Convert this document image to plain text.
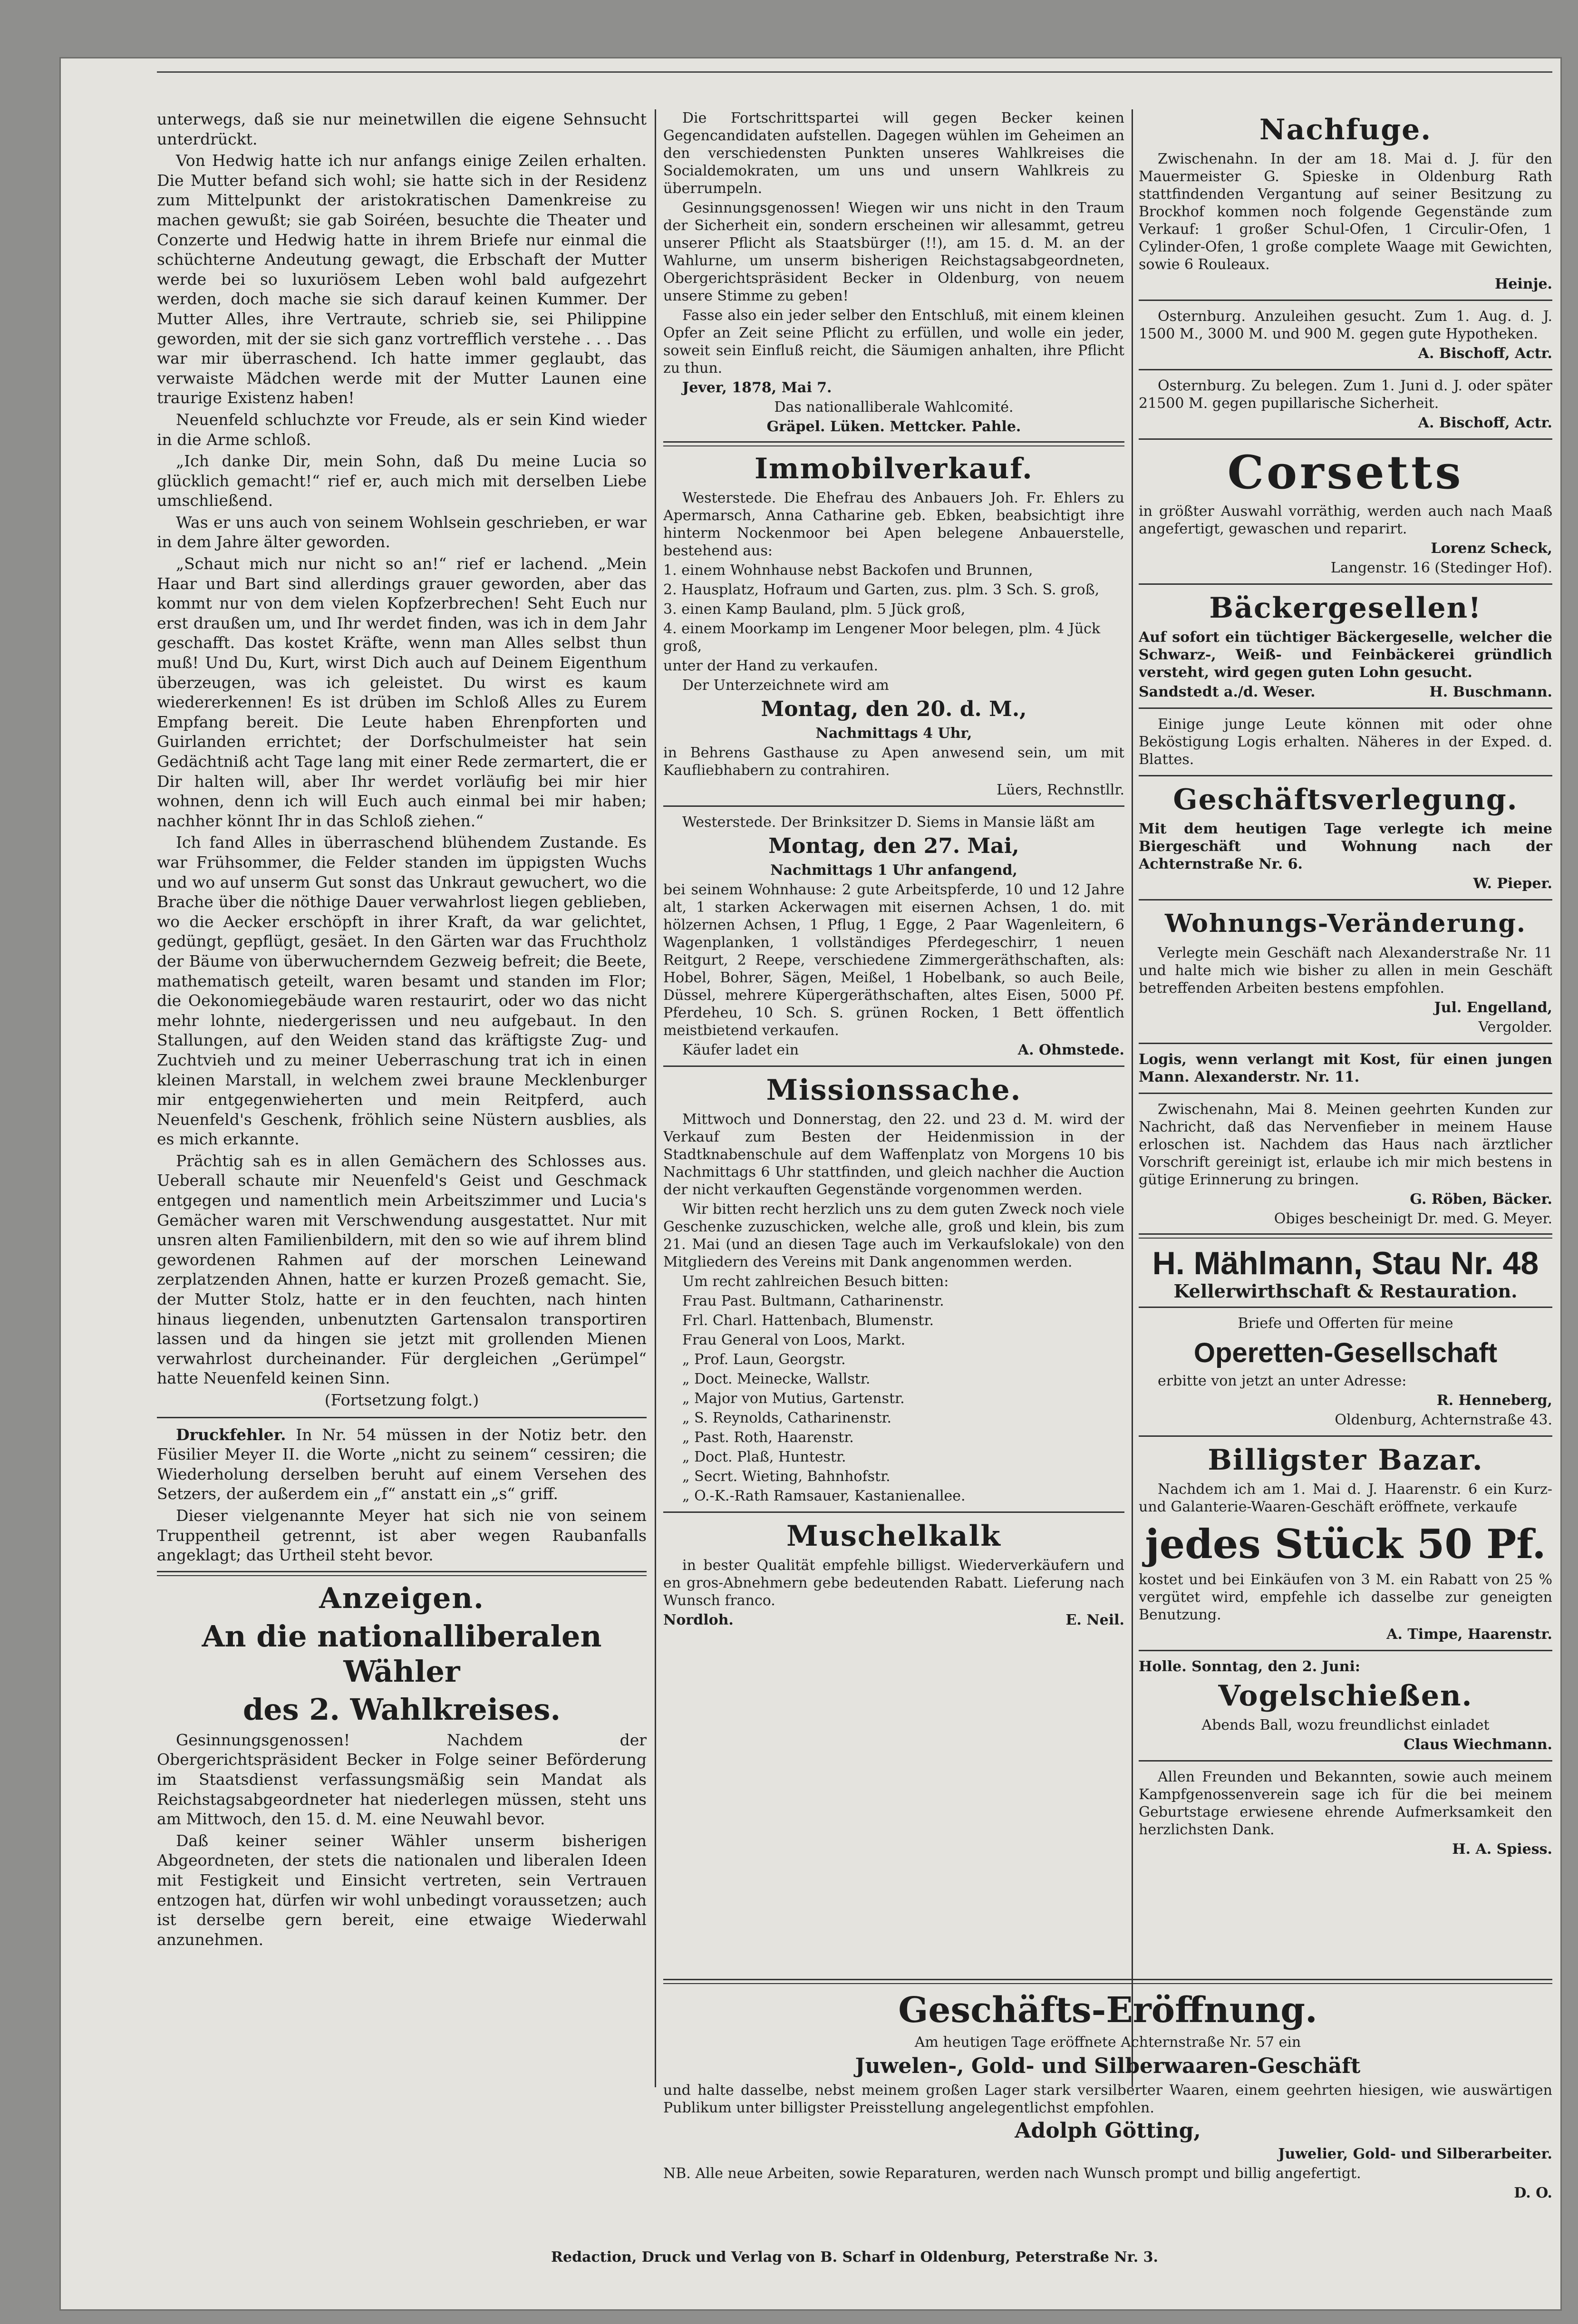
unterwegs, daß sie nur meinetwillen die eigene Sehnsucht unterdrückt.

Von Hedwig hatte ich nur anfangs einige Zeilen erhalten. Die Mutter befand sich wohl; sie hatte sich in der Residenz zum Mittelpunkt der aristokratischen Damenkreise zu machen gewußt; sie gab Soiréen, besuchte die Theater und Conzerte und Hedwig hatte in ihrem Briefe nur einmal die schüchterne Andeutung gewagt, die Erbschaft der Mutter werde bei so luxuriösem Leben wohl bald aufgezehrt werden, doch mache sie sich darauf keinen Kummer. Der Mutter Alles, ihre Vertraute, schrieb sie, sei Philippine geworden, mit der sie sich ganz vortrefflich verstehe . . . Das war mir überraschend. Ich hatte immer geglaubt, das verwaiste Mädchen werde mit der Mutter Launen eine traurige Existenz haben!

Neuenfeld schluchzte vor Freude, als er sein Kind wieder in die Arme schloß.

„Ich danke Dir, mein Sohn, daß Du meine Lucia so glücklich gemacht!“ rief er, auch mich mit derselben Liebe umschließend.

Was er uns auch von seinem Wohlsein geschrieben, er war in dem Jahre älter geworden.

„Schaut mich nur nicht so an!“ rief er lachend. „Mein Haar und Bart sind allerdings grauer geworden, aber das kommt nur von dem vielen Kopfzerbrechen! Seht Euch nur erst draußen um, und Ihr werdet finden, was ich in dem Jahr geschafft. Das kostet Kräfte, wenn man Alles selbst thun muß! Und Du, Kurt, wirst Dich auch auf Deinem Eigenthum überzeugen, was ich geleistet. Du wirst es kaum wiedererkennen! Es ist drüben im Schloß Alles zu Eurem Empfang bereit. Die Leute haben Ehrenpforten und Guirlanden errichtet; der Dorfschulmeister hat sein Gedächtniß acht Tage lang mit einer Rede zermartert, die er Dir halten will, aber Ihr werdet vorläufig bei mir hier wohnen, denn ich will Euch auch einmal bei mir haben; nachher könnt Ihr in das Schloß ziehen.“

Ich fand Alles in überraschend blühendem Zustande. Es war Frühsommer, die Felder standen im üppigsten Wuchs und wo auf unserm Gut sonst das Unkraut gewuchert, wo die Brache über die nöthige Dauer verwahrlost liegen geblieben, wo die Aecker erschöpft in ihrer Kraft, da war gelichtet, gedüngt, gepflügt, gesäet. In den Gärten war das Fruchtholz der Bäume von überwucherndem Gezweig befreit; die Beete, mathematisch geteilt, waren besamt und standen im Flor; die Oekonomiegebäude waren restaurirt, oder wo das nicht mehr lohnte, niedergerissen und neu aufgebaut. In den Stallungen, auf den Weiden stand das kräftigste Zug- und Zuchtvieh und zu meiner Ueberraschung trat ich in einen kleinen Marstall, in welchem zwei braune Mecklenburger mir entgegenwieherten und mein Reitpferd, auch Neuenfeld's Geschenk, fröhlich seine Nüstern ausblies, als es mich erkannte.

Prächtig sah es in allen Gemächern des Schlosses aus. Ueberall schaute mir Neuenfeld's Geist und Geschmack entgegen und namentlich mein Arbeitszimmer und Lucia's Gemächer waren mit Verschwendung ausgestattet. Nur mit unsren alten Familienbildern, mit den so wie auf ihrem blind gewordenen Rahmen auf der morschen Leinewand zerplatzenden Ahnen, hatte er kurzen Prozeß gemacht. Sie, der Mutter Stolz, hatte er in den feuchten, nach hinten hinaus liegenden, unbenutzten Gartensalon transportiren lassen und da hingen sie jetzt mit grollenden Mienen verwahrlost durcheinander. Für dergleichen „Gerümpel“ hatte Neuenfeld keinen Sinn.

(Fortsetzung folgt.)

Druckfehler. In Nr. 54 müssen in der Notiz betr. den Füsilier Meyer II. die Worte „nicht zu seinem“ cessiren; die Wiederholung derselben beruht auf einem Versehen des Setzers, der außerdem ein „f“ anstatt ein „s“ griff.

Dieser vielgenannte Meyer hat sich nie von seinem Truppentheil getrennt, ist aber wegen Raubanfalls angeklagt; das Urtheil steht bevor.

Anzeigen.
An die nationalliberalen Wähler
des 2. Wahlkreises.

Gesinnungsgenossen! Nachdem der Obergerichtspräsident Becker in Folge seiner Beförderung im Staatsdienst verfassungsmäßig sein Mandat als Reichstagsabgeordneter hat niederlegen müssen, steht uns am Mittwoch, den 15. d. M. eine Neuwahl bevor.

Daß keiner seiner Wähler unserm bisherigen Abgeordneten, der stets die nationalen und liberalen Ideen mit Festigkeit und Einsicht vertreten, sein Vertrauen entzogen hat, dürfen wir wohl unbedingt voraussetzen; auch ist derselbe gern bereit, eine etwaige Wiederwahl anzunehmen.

Die Fortschrittspartei will gegen Becker keinen Gegencandidaten aufstellen. Dagegen wühlen im Geheimen an den verschiedensten Punkten unseres Wahlkreises die Socialdemokraten, um uns und unsern Wahlkreis zu überrumpeln.

Gesinnungsgenossen! Wiegen wir uns nicht in den Traum der Sicherheit ein, sondern erscheinen wir allesammt, getreu unserer Pflicht als Staatsbürger (!!), am 15. d. M. an der Wahlurne, um unserm bisherigen Reichstagsabgeordneten, Obergerichtspräsident Becker in Oldenburg, von neuem unsere Stimme zu geben!

Fasse also ein jeder selber den Entschluß, mit einem kleinen Opfer an Zeit seine Pflicht zu erfüllen, und wolle ein jeder, soweit sein Einfluß reicht, die Säumigen anhalten, ihre Pflicht zu thun.

Jever, 1878, Mai 7.

Das nationalliberale Wahlcomité.

Gräpel. Lüken. Mettcker. Pahle.

Immobilverkauf.

Westerstede. Die Ehefrau des Anbauers Joh. Fr. Ehlers zu Apermarsch, Anna Catharine geb. Ebken, beabsichtigt ihre hinterm Nockenmoor bei Apen belegene Anbauerstelle, bestehend aus:

1. einem Wohnhause nebst Backofen und Brunnen,

2. Hausplatz, Hofraum und Garten, zus. plm. 3 Sch. S. groß,

3. einen Kamp Bauland, plm. 5 Jück groß,

4. einem Moorkamp im Lengener Moor belegen, plm. 4 Jück groß,

unter der Hand zu verkaufen.

Der Unterzeichnete wird am

Montag, den 20. d. M.,

Nachmittags 4 Uhr,

in Behrens Gasthause zu Apen anwesend sein, um mit Kaufliebhabern zu contrahiren.

Lüers, Rechnstllr.

Westerstede. Der Brinksitzer D. Siems in Mansie läßt am

Montag, den 27. Mai,

Nachmittags 1 Uhr anfangend,

bei seinem Wohnhause: 2 gute Arbeitspferde, 10 und 12 Jahre alt, 1 starken Ackerwagen mit eisernen Achsen, 1 do. mit hölzernen Achsen, 1 Pflug, 1 Egge, 2 Paar Wagenleitern, 6 Wagenplanken, 1 vollständiges Pferdegeschirr, 1 neuen Reitgurt, 2 Reepe, verschiedene Zimmergeräthschaften, als: Hobel, Bohrer, Sägen, Meißel, 1 Hobelbank, so auch Beile, Düssel, mehrere Küpergeräthschaften, altes Eisen, 5000 Pf. Pferdeheu, 10 Sch. S. grünen Rocken, 1 Bett öffentlich meistbietend verkaufen.

Käufer ladet ein	A. Ohmstede.

Missionssache.

Mittwoch und Donnerstag, den 22. und 23 d. M. wird der Verkauf zum Besten der Heidenmission in der Stadtknabenschule auf dem Waffenplatz von Morgens 10 bis Nachmittags 6 Uhr stattfinden, und gleich nachher die Auction der nicht verkauften Gegenstände vorgenommen werden.

Wir bitten recht herzlich uns zu dem guten Zweck noch viele Geschenke zuzuschicken, welche alle, groß und klein, bis zum 21. Mai (und an diesen Tage auch im Verkaufslokale) von den Mitgliedern des Vereins mit Dank angenommen werden.

Um recht zahlreichen Besuch bitten:

Frau Past. Bultmann, Catharinenstr.

Frl. Charl. Hattenbach, Blumenstr.

Frau General von Loos, Markt.

„ Prof. Laun, Georgstr.

„ Doct. Meinecke, Wallstr.

„ Major von Mutius, Gartenstr.

„ S. Reynolds, Catharinenstr.

„ Past. Roth, Haarenstr.

„ Doct. Plaß, Huntestr.

„ Secrt. Wieting, Bahnhofstr.

„ O.-K.-Rath Ramsauer, Kastanienallee.

Muschelkalk

in bester Qualität empfehle billigst. Wiederverkäufern und en gros-Abnehmern gebe bedeutenden Rabatt. Lieferung nach Wunsch franco.

Nordloh.	E. Neil.

Nachfuge.

Zwischenahn. In der am 18. Mai d. J. für den Mauermeister G. Spieske in Oldenburg Rath stattfindenden Vergantung auf seiner Besitzung zu Brockhof kommen noch folgende Gegenstände zum Verkauf: 1 großer Schul-Ofen, 1 Circulir-Ofen, 1 Cylinder-Ofen, 1 große complete Waage mit Gewichten, sowie 6 Rouleaux.

Heinje.

Osternburg. Anzuleihen gesucht. Zum 1. Aug. d. J. 1500 M., 3000 M. und 900 M. gegen gute Hypotheken.

A. Bischoff, Actr.

Osternburg. Zu belegen. Zum 1. Juni d. J. oder später 21500 M. gegen pupillarische Sicherheit.

A. Bischoff, Actr.

Corsetts

in größter Auswahl vorräthig, werden auch nach Maaß angefertigt, gewaschen und reparirt.

Lorenz Scheck,

Langenstr. 16 (Stedinger Hof).

Bäckergesellen!

Auf sofort ein tüchtiger Bäckergeselle, welcher die Schwarz-, Weiß- und Feinbäckerei gründlich versteht, wird gegen guten Lohn gesucht.

Sandstedt a./d. Weser.	H. Buschmann.

Einige junge Leute können mit oder ohne Beköstigung Logis erhalten. Näheres in der Exped. d. Blattes.

Geschäftsverlegung.

Mit dem heutigen Tage verlegte ich meine Biergeschäft und Wohnung nach der Achternstraße Nr. 6.

W. Pieper.

Wohnungs-Veränderung.

Verlegte mein Geschäft nach Alexanderstraße Nr. 11 und halte mich wie bisher zu allen in mein Geschäft betreffenden Arbeiten bestens empfohlen.

Jul. Engelland,

Vergolder.

Logis, wenn verlangt mit Kost, für einen jungen Mann. Alexanderstr. Nr. 11.

Zwischenahn, Mai 8. Meinen geehrten Kunden zur Nachricht, daß das Nervenfieber in meinem Hause erloschen ist. Nachdem das Haus nach ärztlicher Vorschrift gereinigt ist, erlaube ich mir mich bestens in gütige Erinnerung zu bringen.

G. Röben, Bäcker.

Obiges bescheinigt Dr. med. G. Meyer.

H. Mählmann, Stau Nr. 48

Kellerwirthschaft & Restauration.

Briefe und Offerten für meine

Operetten-Gesellschaft

erbitte von jetzt an unter Adresse:

R. Henneberg,

Oldenburg, Achternstraße 43.

Billigster Bazar.

Nachdem ich am 1. Mai d. J. Haarenstr. 6 ein Kurz- und Galanterie-Waaren-Geschäft eröffnete, verkaufe

jedes Stück 50 Pf.

kostet und bei Einkäufen von 3 M. ein Rabatt von 25 % vergütet wird, empfehle ich dasselbe zur geneigten Benutzung.

A. Timpe, Haarenstr.

Holle. Sonntag, den 2. Juni:

Vogelschießen.

Abends Ball, wozu freundlichst einladet

Claus Wiechmann.

Allen Freunden und Bekannten, sowie auch meinem Kampfgenossenverein sage ich für die bei meinem Geburtstage erwiesene ehrende Aufmerksamkeit den herzlichsten Dank.

H. A. Spiess.

Geschäfts-Eröffnung.

Am heutigen Tage eröffnete Achternstraße Nr. 57 ein

Juwelen-, Gold- und Silberwaaren-Geschäft

und halte dasselbe, nebst meinem großen Lager stark versilberter Waaren, einem geehrten hiesigen, wie auswärtigen Publikum unter billigster Preisstellung angelegentlichst empfohlen.

Adolph Götting,

Juwelier, Gold- und Silberarbeiter.

NB. Alle neue Arbeiten, sowie Reparaturen, werden nach Wunsch prompt und billig angefertigt.

D. O.

Redaction, Druck und Verlag von B. Scharf in Oldenburg, Peterstraße Nr. 3.
